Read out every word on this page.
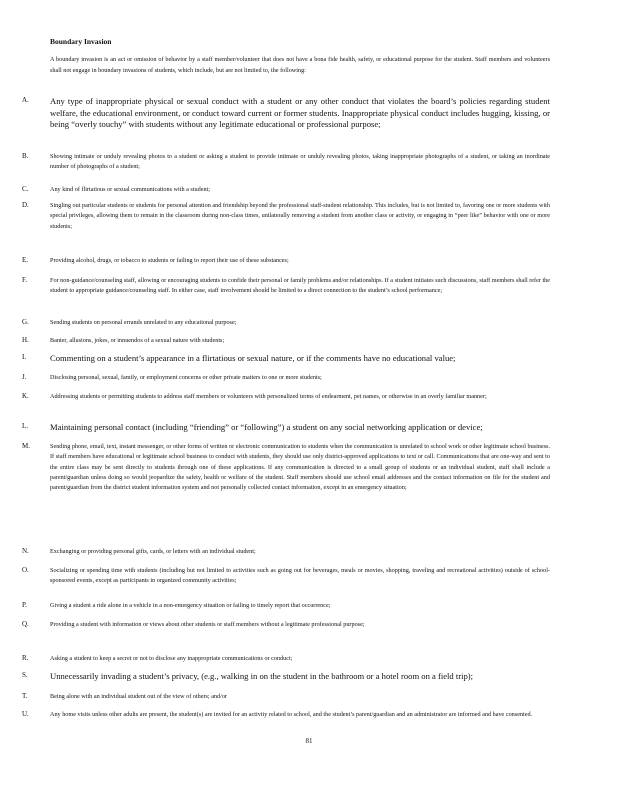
Boundary Invasion
A boundary invasion is an act or omission of behavior by a staff member/volunteer that does not have a bona fide health, safety, or educational purpose for the student. Staff members and volunteers shall not engage in boundary invasions of students, which include, but are not limited to, the following:
A.	Any type of inappropriate physical or sexual conduct with a student or any other conduct that violates the board’s policies regarding student welfare, the educational environment, or conduct toward current or former students. Inappropriate physical conduct includes hugging, kissing, or being “overly touchy” with students without any legitimate educational or professional purpose;
B.	Showing intimate or unduly revealing photos to a student or asking a student to provide intimate or unduly revealing photos, taking inappropriate photographs of a student, or taking an inordinate number of photographs of a student;
C.	Any kind of flirtatious or sexual communications with a student;
D.	Singling out particular students or students for personal attention and friendship beyond the professional staff-student relationship. This includes, but is not limited to, favoring one or more students with special privileges, allowing them to remain in the classroom during non-class times, unilaterally removing a student from another class or activity, or engaging in “peer like” behavior with one or more students;
E.	Providing alcohol, drugs, or tobacco to students or failing to report their use of these substances;
F.	For non-guidance/counseling staff, allowing or encouraging students to confide their personal or family problems and/or relationships. If a student initiates such discussions, staff members shall refer the student to appropriate guidance/counseling staff. In either case, staff involvement should be limited to a direct connection to the student’s school performance;
G.	Sending students on personal errands unrelated to any educational purpose;
H.	Banter, allusions, jokes, or innuendos of a sexual nature with students;
I.	Commenting on a student’s appearance in a flirtatious or sexual nature, or if the comments have no educational value;
J.	Disclosing personal, sexual, family, or employment concerns or other private matters to one or more students;
K.	Addressing students or permitting students to address staff members or volunteers with personalized terms of endearment, pet names, or otherwise in an overly familiar manner;
L.	Maintaining personal contact (including “friending” or “following”) a student on any social networking application or device;
M.	Sending phone, email, text, instant messenger, or other forms of written or electronic communication to students when the communication is unrelated to school work or other legitimate school business. If staff members have educational or legitimate school business to conduct with students, they should use only district-approved applications to text or call. Communications that are one-way and sent to the entire class may be sent directly to students through one of these applications. If any communication is directed to a small group of students or an individual student, staff shall include a parent/guardian unless doing so would jeopardize the safety, health or welfare of the student. Staff members should use school email addresses and the contact information on file for the student and parent/guardian from the district student information system and not personally collected contact information, except in an emergency situation;
N.	Exchanging or providing personal gifts, cards, or letters with an individual student;
O.	Socializing or spending time with students (including but not limited to activities such as going out for beverages, meals or movies, shopping, traveling and recreational activities) outside of school-sponsored events, except as participants in organized community activities;
P.	Giving a student a ride alone in a vehicle in a non-emergency situation or failing to timely report that occurrence;
Q.	Providing a student with information or views about other students or staff members without a legitimate professional purpose;
R.	Asking a student to keep a secret or not to disclose any inappropriate communications or conduct;
S.	Unnecessarily invading a student’s privacy, (e.g., walking in on the student in the bathroom or a hotel room on a field trip);
T.	Being alone with an individual student out of the view of others; and/or
U.	Any home visits unless other adults are present, the student(s) are invited for an activity related to school, and the student’s parent/guardian and an administrator are informed and have consented.
81
